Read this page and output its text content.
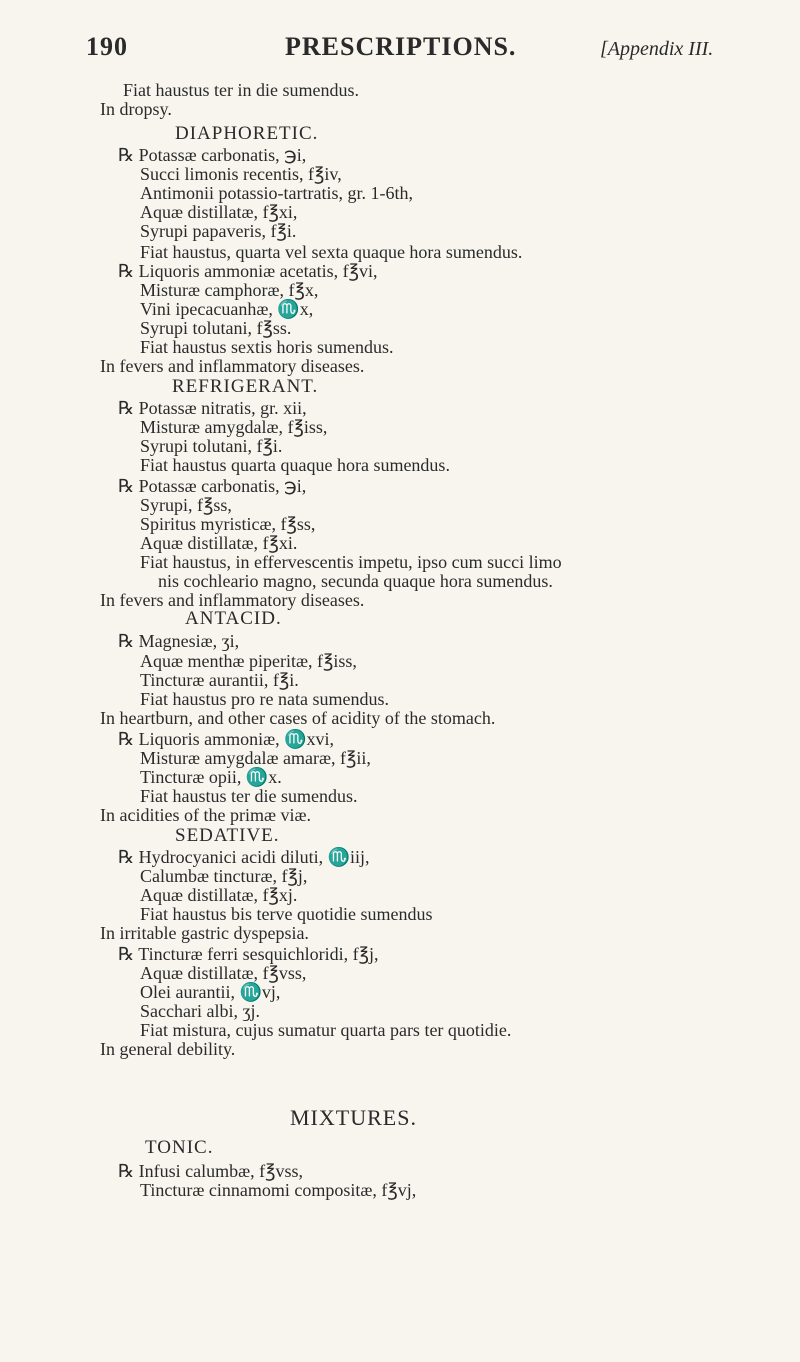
190	PRESCRIPTIONS.	[Appendix III.
Fiat haustus ter in die sumendus.
In dropsy.
DIAPHORETIC.
℞ Potassæ carbonatis, ℈i,
Succi limonis recentis, f℥iv,
Antimonii potassio-tartratis, gr. 1-6th,
Aquæ distillatæ, f℥xi,
Syrupi papaveris, f℥i.
Fiat haustus, quarta vel sexta quaque hora sumendus.
℞ Liquoris ammoniæ acetatis, f℥vi,
Misturæ camphoræ, f℥x,
Vini ipecacuanhæ, ♏x,
Syrupi tolutani, f℥ss.
Fiat haustus sextis horis sumendus.
In fevers and inflammatory diseases.
REFRIGERANT.
℞ Potassæ nitratis, gr. xii,
Misturæ amygdalæ, f℥iss,
Syrupi tolutani, f℥i.
Fiat haustus quarta quaque hora sumendus.
℞ Potassæ carbonatis, ℈i,
Syrupi, f℥ss,
Spiritus myristicæ, f℥ss,
Aquæ distillatæ, f℥xi.
Fiat haustus, in effervescentis impetu, ipso cum succi limo
nis cochleario magno, secunda quaque hora sumendus.
In fevers and inflammatory diseases.
ANTACID.
℞ Magnesiæ, ʒi,
Aquæ menthæ piperitæ, f℥iss,
Tincturæ aurantii, f℥i.
Fiat haustus pro re nata sumendus.
In heartburn, and other cases of acidity of the stomach.
℞ Liquoris ammoniæ, ♏xvi,
Misturæ amygdalæ amaræ, f℥ii,
Tincturæ opii, ♏x.
Fiat haustus ter die sumendus.
In acidities of the primæ viæ.
SEDATIVE.
℞ Hydrocyanici acidi diluti, ♏iij,
Calumbæ tincturæ, f℥j,
Aquæ distillatæ, f℥xj.
Fiat haustus bis terve quotidie sumendus
In irritable gastric dyspepsia.
℞ Tincturæ ferri sesquichloridi, f℥j,
Aquæ distillatæ, f℥vss,
Olei aurantii, ♏vj,
Sacchari albi, ʒj.
Fiat mistura, cujus sumatur quarta pars ter quotidie.
In general debility.
MIXTURES.
TONIC.
℞ Infusi calumbæ, f℥vss,
Tincturæ cinnamomi compositæ, f℥vj,
